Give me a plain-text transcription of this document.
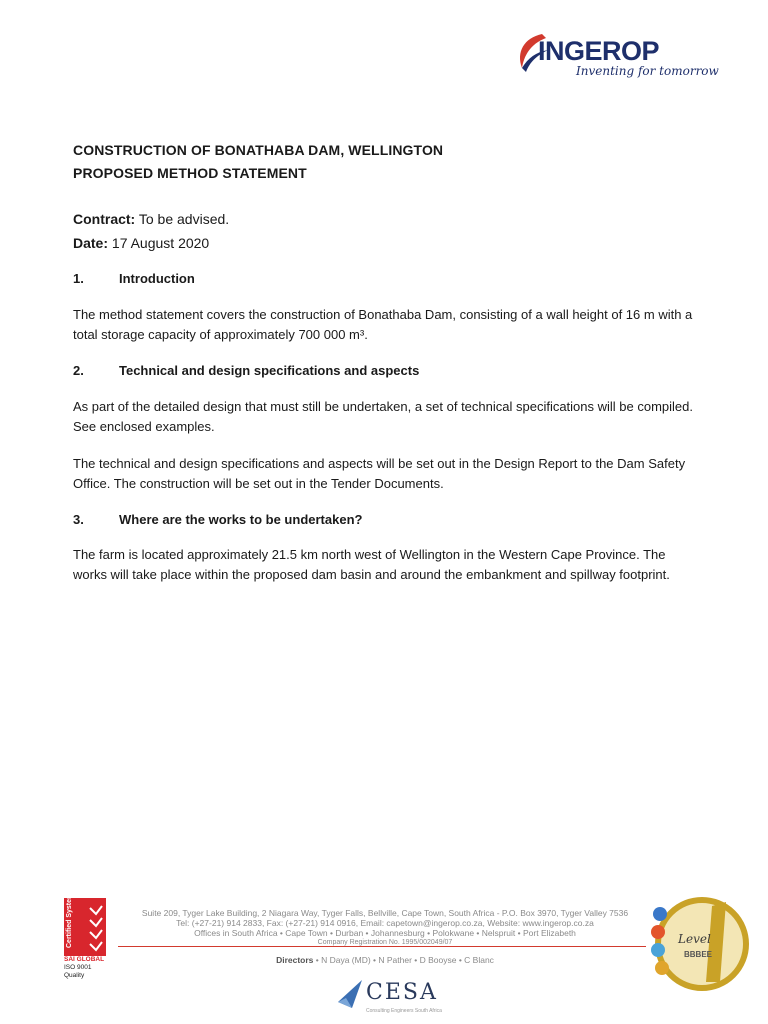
INGEROP
Inventing for tomorrow
CONSTRUCTION OF BONATHABA DAM, WELLINGTON
PROPOSED METHOD STATEMENT
Contract: To be advised.
Date: 17 August 2020
1.	Introduction
The method statement covers the construction of Bonathaba Dam, consisting of a wall height of 16 m with a total storage capacity of approximately 700 000 m³.
2.	Technical and design specifications and aspects
As part of the detailed design that must still be undertaken, a set of technical specifications will be compiled. See enclosed examples.
The technical and design specifications and aspects will be set out in the Design Report to the Dam Safety Office. The construction will be set out in the Tender Documents.
3.	Where are the works to be undertaken?
The farm is located approximately 21.5 km north west of Wellington in the Western Cape Province. The works will take place within the proposed dam basin and around the embankment and spillway footprint.
Certified System
SAI GLOBAL
ISO 9001
Quality
Suite 209, Tyger Lake Building, 2 Niagara Way, Tyger Falls, Bellville, Cape Town, South Africa - P.O. Box 3970, Tyger Valley 7536
Tel: (+27-21) 914 2833, Fax: (+27-21) 914 0916, Email: capetown@ingerop.co.za, Website: www.ingerop.co.za
Offices in South Africa • Cape Town • Durban • Johannesburg • Polokwane • Nelspruit • Port Elizabeth
Company Registration No. 1995/002049/07
Directors • N Daya (MD) • N Pather • D Booyse • C Blanc
CESA
Consulting Engineers South Africa
Level
BBBEE
